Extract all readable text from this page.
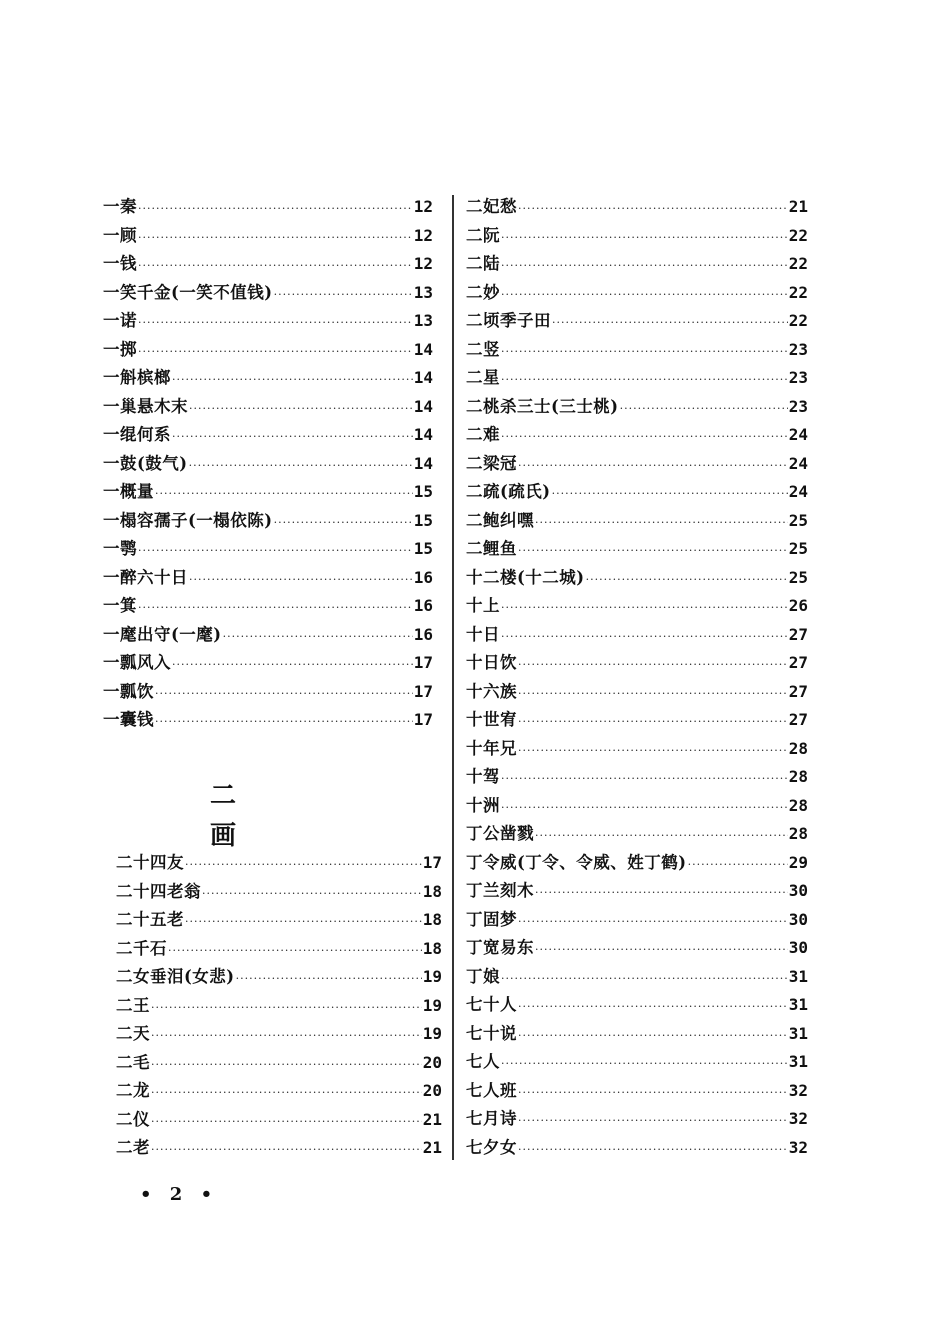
一秦 ·····	12
一顾 ·····	12
一钱 ·····	12
一笑千金(一笑不值钱) ·····	13
一诺 ·····	13
一掷 ·····	14
一斛槟榔 ·····	14
一巢悬木末 ·····	14
一绲何系 ·····	14
一鼓(鼓气) ·····	14
一概量 ·····	15
一榻容孺子(一榻依陈) ·····	15
一鹗 ·····	15
一醉六十日 ·····	16
一箕 ·····	16
一麾出守(一麾) ·····	16
一瓢风入 ·····	17
一瓢饮 ·····	17
一囊钱 ·····	17
二画
二十四友 ·····	17
二十四老翁 ·····	18
二十五老 ·····	18
二千石 ·····	18
二女垂泪(女悲) ·····	19
二王 ·····	19
二天 ·····	19
二毛 ·····	20
二龙 ·····	20
二仪 ·····	21
二老 ·····	21
二妃愁 ·····	21
二阮 ·····	22
二陆 ·····	22
二妙 ·····	22
二顷季子田 ·····	22
二竖 ·····	23
二星 ·····	23
二桃杀三士(三士桃) ·····	23
二难 ·····	24
二梁冠 ·····	24
二疏(疏氏) ·····	24
二鲍纠嘿 ·····	25
二鲤鱼 ·····	25
十二楼(十二城) ·····	25
十上 ·····	26
十日 ·····	27
十日饮 ·····	27
十六族 ·····	27
十世宥 ·····	27
十年兄 ·····	28
十驾 ·····	28
十洲 ·····	28
丁公凿戮 ·····	28
丁令威(丁令、令威、姓丁鹤) ·····	29
丁兰刻木 ·····	30
丁固梦 ·····	30
丁宽易东 ·····	30
丁娘 ·····	31
七十人 ·····	31
七十说 ·····	31
七人 ·····	31
七人班 ·····	32
七月诗 ·····	32
七夕女 ·····	32
• 2 •
